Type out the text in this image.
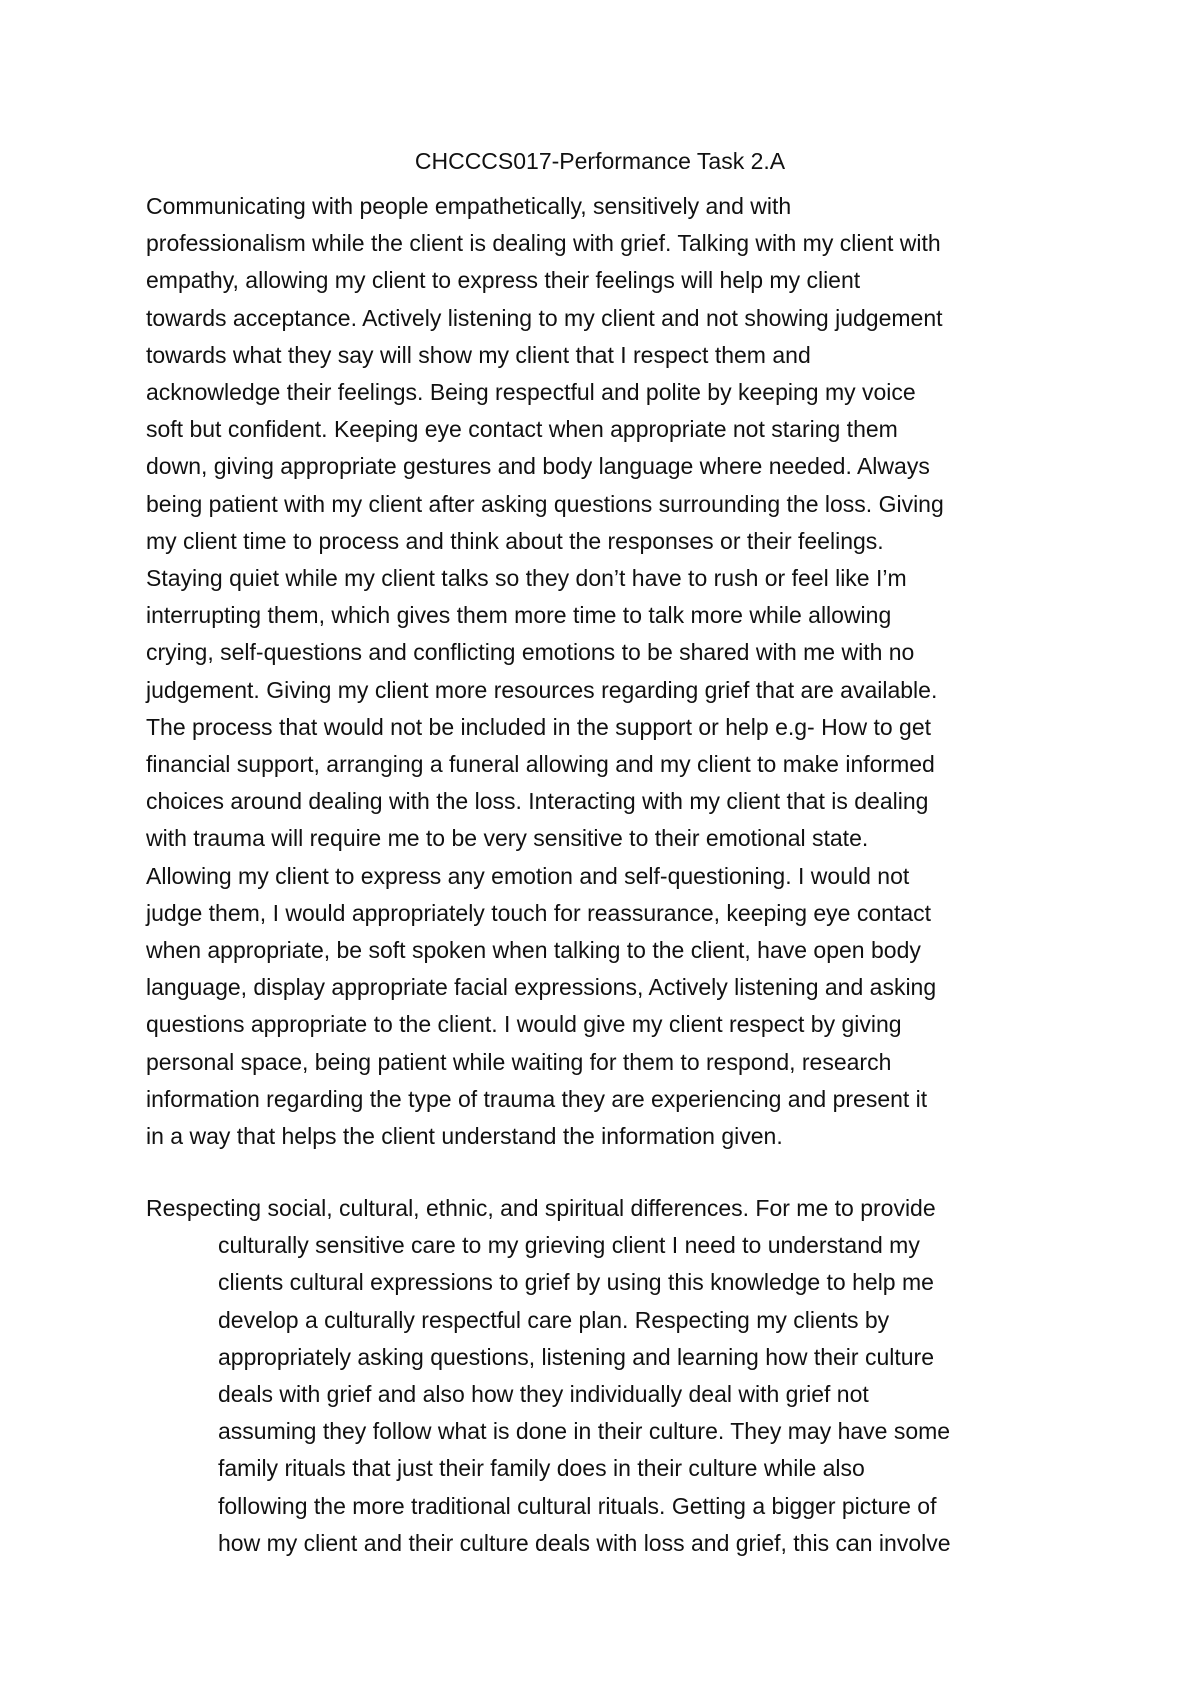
CHCCCS017-Performance Task 2.A
Communicating with people empathetically, sensitively and with
professionalism while the client is dealing with grief. Talking with my client with
empathy, allowing my client to express their feelings will help my client
towards acceptance. Actively listening to my client and not showing judgement
towards what they say will show my client that I respect them and
acknowledge their feelings. Being respectful and polite by keeping my voice
soft but confident. Keeping eye contact when appropriate not staring them
down, giving appropriate gestures and body language where needed. Always
being patient with my client after asking questions surrounding the loss. Giving
my client time to process and think about the responses or their feelings.
Staying quiet while my client talks so they don’t have to rush or feel like I’m
interrupting them, which gives them more time to talk more while allowing
crying, self-questions and conflicting emotions to be shared with me with no
judgement. Giving my client more resources regarding grief that are available.
The process that would not be included in the support or help e.g- How to get
financial support, arranging a funeral allowing and my client to make informed
choices around dealing with the loss. Interacting with my client that is dealing
with trauma will require me to be very sensitive to their emotional state.
Allowing my client to express any emotion and self-questioning. I would not
judge them, I would appropriately touch for reassurance, keeping eye contact
when appropriate, be soft spoken when talking to the client, have open body
language, display appropriate facial expressions, Actively listening and asking
questions appropriate to the client. I would give my client respect by giving
personal space, being patient while waiting for them to respond, research
information regarding the type of trauma they are experiencing and present it
in a way that helps the client understand the information given.
Respecting social, cultural, ethnic, and spiritual differences. For me to provide
culturally sensitive care to my grieving client I need to understand my
clients cultural expressions to grief by using this knowledge to help me
develop a culturally respectful care plan. Respecting my clients by
appropriately asking questions, listening and learning how their culture
deals with grief and also how they individually deal with grief not
assuming they follow what is done in their culture. They may have some
family rituals that just their family does in their culture while also
following the more traditional cultural rituals. Getting a bigger picture of
how my client and their culture deals with loss and grief, this can involve
